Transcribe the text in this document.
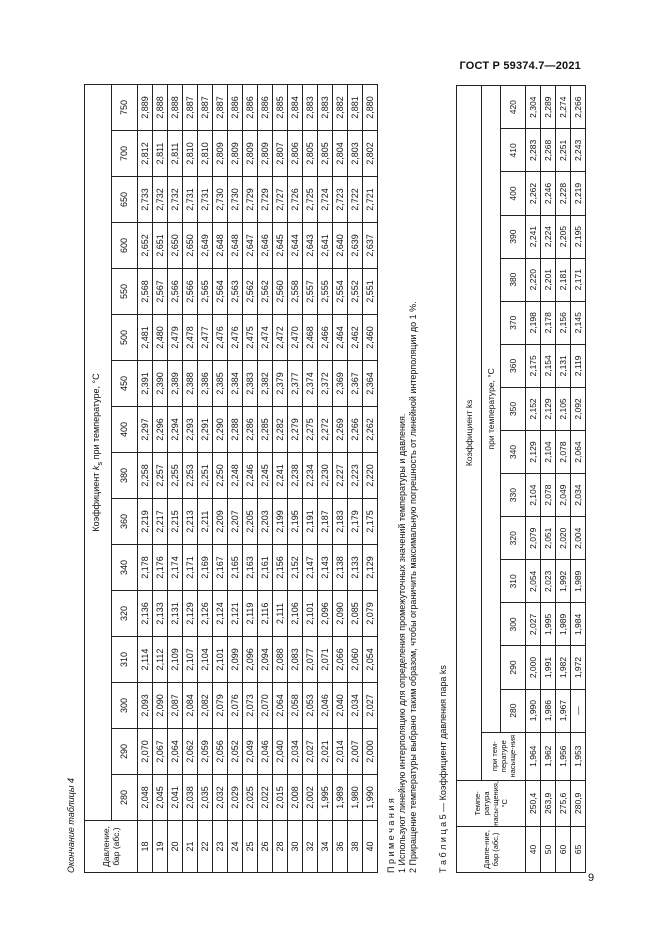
ГОСТ Р 59374.7—2021
Окончание таблицы 4	Давление, бар (абс.)	Коэффициент $k_s$ при температуре, °C															
	280	290	300	310	320	340	360	380	400	450	500	550	600	650	700	750
18	2,048	2,070	2,093	2,114	2,136	2,178	2,219	2,258	2,297	2,391	2,481	2,568	2,652	2,733	2,812	2,889
19	2,045	2,067	2,090	2,112	2,133	2,176	2,217	2,257	2,296	2,390	2,480	2,567	2,651	2,732	2,811	2,888
20	2,041	2,064	2,087	2,109	2,131	2,174	2,215	2,255	2,294	2,389	2,479	2,566	2,650	2,732	2,811	2,888
21	2,038	2,062	2,084	2,107	2,129	2,171	2,213	2,253	2,293	2,388	2,478	2,566	2,650	2,731	2,810	2,887
22	2,035	2,059	2,082	2,104	2,126	2,169	2,211	2,251	2,291	2,386	2,477	2,565	2,649	2,731	2,810	2,887
23	2,032	2,056	2,079	2,101	2,124	2,167	2,209	2,250	2,290	2,385	2,476	2,564	2,648	2,730	2,809	2,887
24	2,029	2,052	2,076	2,099	2,121	2,165	2,207	2,248	2,288	2,384	2,476	2,563	2,648	2,730	2,809	2,886
25	2,025	2,049	2,073	2,096	2,119	2,163	2,205	2,246	2,286	2,383	2,475	2,562	2,647	2,729	2,809	2,886
26	2,022	2,046	2,070	2,094	2,116	2,161	2,203	2,245	2,285	2,382	2,474	2,562	2,646	2,729	2,809	2,886
28	2,015	2,040	2,064	2,088	2,111	2,156	2,199	2,241	2,282	2,379	2,472	2,560	2,645	2,727	2,807	2,885
30	2,008	2,034	2,058	2,083	2,106	2,152	2,195	2,238	2,279	2,377	2,470	2,558	2,644	2,726	2,806	2,884
32	2,002	2,027	2,053	2,077	2,101	2,147	2,191	2,234	2,275	2,374	2,468	2,557	2,643	2,725	2,805	2,883
34	1,995	2,021	2,046	2,071	2,096	2,143	2,187	2,230	2,272	2,372	2,466	2,555	2,641	2,724	2,805	2,883
36	1,989	2,014	2,040	2,066	2,090	2,138	2,183	2,227	2,269	2,369	2,464	2,554	2,640	2,723	2,804	2,882
38	1,980	2,007	2,034	2,060	2,085	2,133	2,179	2,223	2,266	2,367	2,462	2,552	2,639	2,722	2,803	2,881
40	1,990	2,000	2,027	2,054	2,079	2,129	2,175	2,220	2,262	2,364	2,460	2,551	2,637	2,721	2,802	2,880
П р и м е ч а н и я 1 Используют линейную интерполяцию для определения промежуточных значений температуры и давления. 2 Приращение температуры выбрано таким образом, чтобы ограничить максимальную погрешность от линейной интерполяции до 1 %.	Т а б л и ц а 5 — Коэффициент давления пара ks	Давле-ние, бар (абс.)	Темпе-ратура насы-щения, °С	Коэффициент ks															
		при тем-пературе насыще-ния	при температуре, °С														
			280	290	300	310	320	330	340	350	360	370	380	390	400	410	420
40	250,4	1,964	1,990	2,000	2,027	2,054	2,079	2,104	2,129	2,152	2,175	2,198	2,220	2,241	2,262	2,283	2,304
50	263,9	1,962	1,986	1,991	1,995	2,023	2,051	2,078	2,104	2,129	2,154	2,178	2,201	2,224	2,246	2,268	2,289
60	275,6	1,956	1,967	1,982	1,989	1,992	2,020	2,049	2,078	2,105	2,131	2,156	2,181	2,205	2,228	2,251	2,274
65	280,9	1,953	—	1,972	1,984	1,989	2,004	2,034	2,064	2,092	2,119	2,145	2,171	2,195	2,219	2,243	2,266
9
